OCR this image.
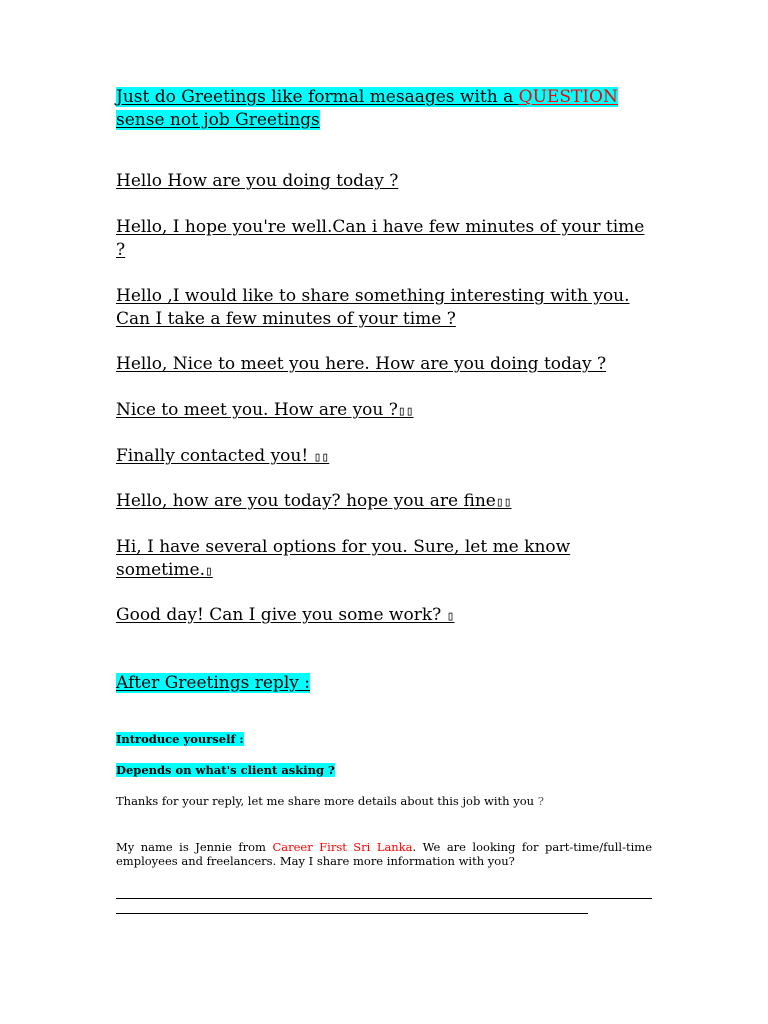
Just do Greetings like formal mesaages with a QUESTION
sense not job Greetings
Hello How are you doing today ?
Hello, I hope you're well.Can i have few minutes of your time ?
Hello ,I would like to share something interesting with you. Can I take a few minutes of your time ?
Hello, Nice to meet you here. How are you doing today ?
Nice to meet you. How are you ?▯▯
Finally contacted you! ▯▯
Hello, how are you today? hope you are fine▯▯
Hi, I have several options for you. Sure, let me know sometime.▯
Good day! Can I give you some work? ▯
After Greetings reply :
Introduce yourself :
Depends on what's client asking ?
Thanks for your reply, let me share more details about this job with you ?
My name is Jennie from Career First Sri Lanka. We are looking for part-time/full-time employees and freelancers. May I share more information with you?
